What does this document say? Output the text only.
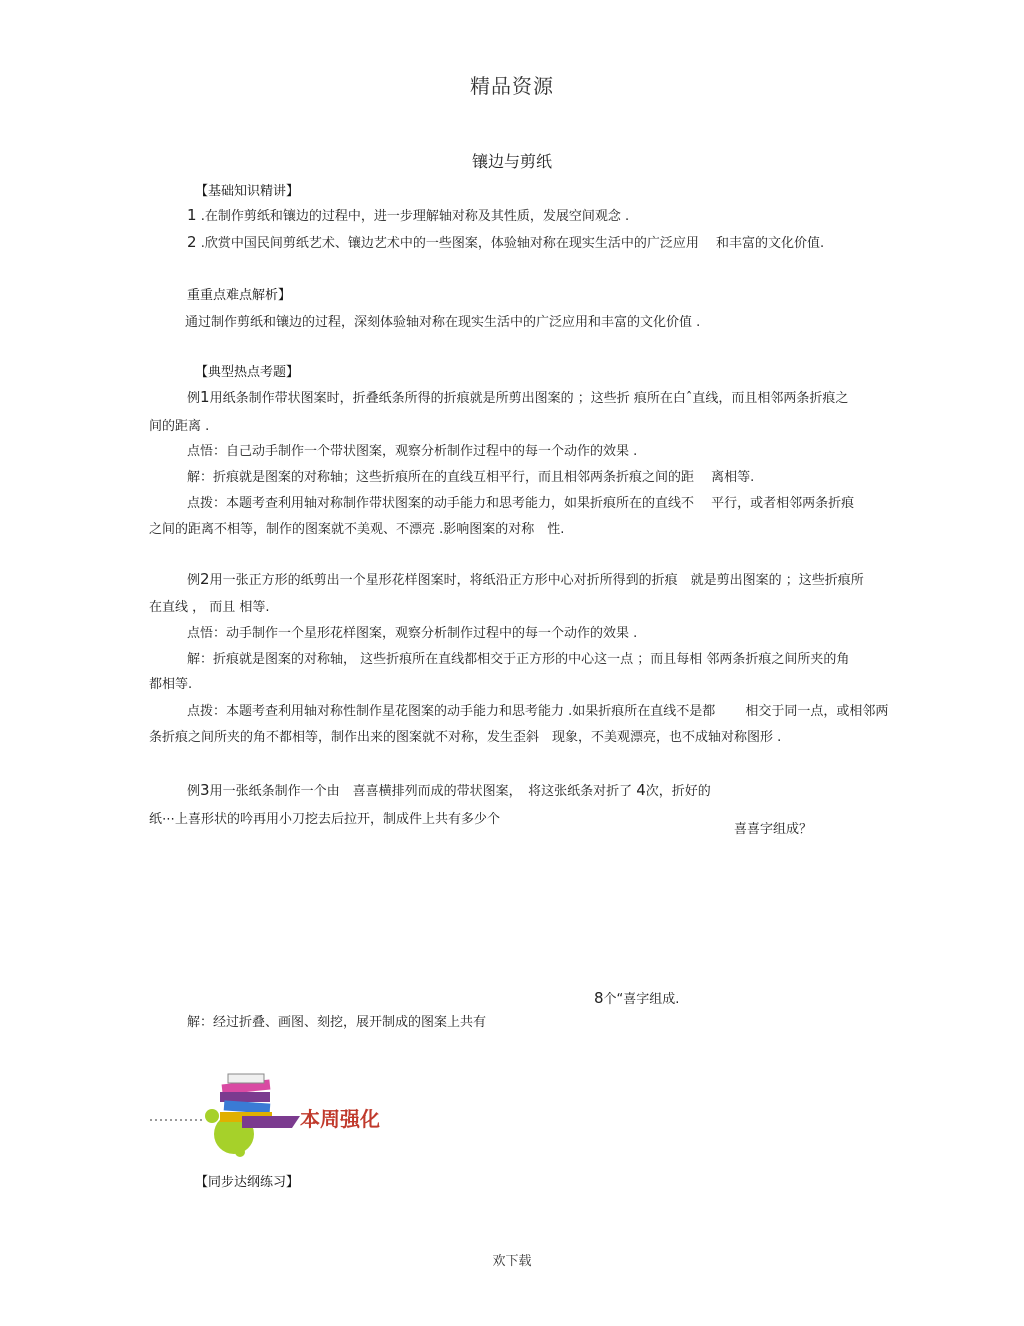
精品资源
镶边与剪纸
【基础知识精讲】
1 .在制作剪纸和镶边的过程中，进一步理解轴对称及其性质，发展空间观念 .
2 .欣赏中国民间剪纸艺术、镶边艺术中的一些图案，体验轴对称在现实生活中的广泛应用　 和丰富的文化价值.
重重点难点解析】
通过制作剪纸和镶边的过程，深刻体验轴对称在现实生活中的广泛应用和丰富的文化价值 .
【典型热点考题】
例1用纸条制作带状图案时，折叠纸条所得的折痕就是所剪出图案的 ；这些折 痕所在白ˆ直线，而且相邻两条折痕之
间的距离 .
点悟：自己动手制作一个带状图案，观察分析制作过程中的每一个动作的效果 .
解：折痕就是图案的对称轴；这些折痕所在的直线互相平行，而且相邻两条折痕之间的距　 离相等.
点拨：本题考查利用轴对称制作带状图案的动手能力和思考能力，如果折痕所在的直线不　 平行，或者相邻两条折痕
之间的距离不相等，制作的图案就不美观、不漂亮 .影响图案的对称　性.
例2用一张正方形的纸剪出一个星形花样图案时，将纸沿正方形中心对折所得到的折痕　就是剪出图案的 ；这些折痕所
在直线 ， 而且 相等.
点悟：动手制作一个星形花样图案，观察分析制作过程中的每一个动作的效果 .
解：折痕就是图案的对称轴， 这些折痕所在直线都相交于正方形的中心这一点 ；而且每相 邻两条折痕之间所夹的角
都相等.
点拨：本题考查利用轴对称性制作星花图案的动手能力和思考能力 .如果折痕所在直线不是都　　 相交于同一点，或相邻两
条折痕之间所夹的角不都相等，制作出来的图案就不对称，发生歪斜　现象，不美观漂亮，也不成轴对称图形 .
例3用一张纸条制作一个由　喜喜横排列而成的带状图案，　将这张纸条对折了 4次，折好的
纸⋯上喜形状的吟再用小刀挖去后拉开，制成件上共有多少个
喜喜字组成？
8个“喜字组成.
解：经过折叠、画图、刻挖，展开制成的图案上共有
本周强化
【同步达纲练习】
欢下载
